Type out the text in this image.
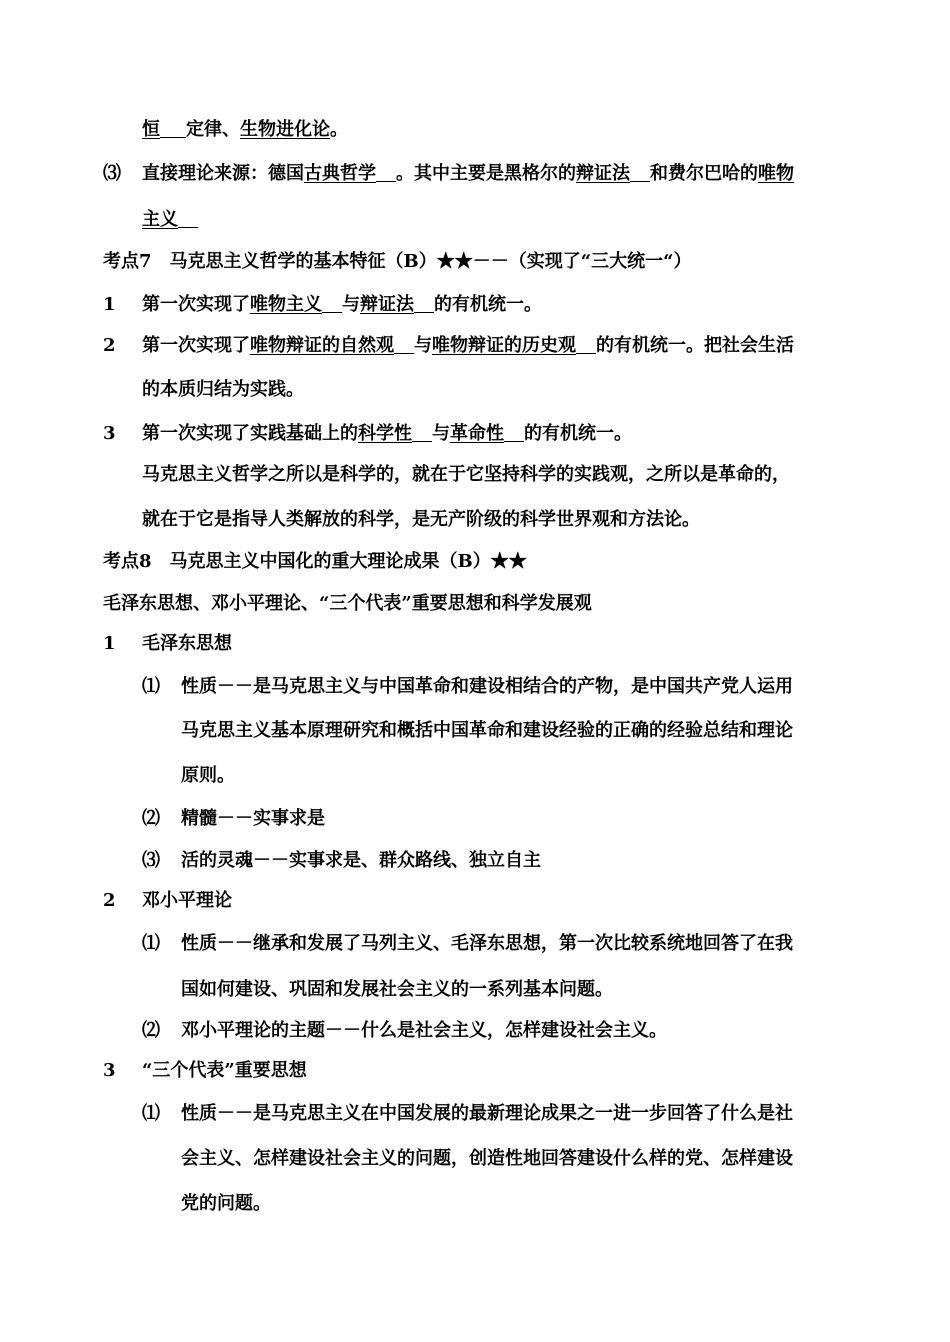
恒 定律、生物进化论。
⑶ 直接理论来源：德国古典哲学 。其中主要是黑格尔的辩证法 和费尔巴哈的唯物
主义
考点7　马克思主义哲学的基本特征（B）★★－－（实现了“三大统一“）
1 第一次实现了唯物主义 与辩证法 的有机统一。
2 第一次实现了唯物辩证的自然观 与唯物辩证的历史观 的有机统一。把社会生活
的本质归结为实践。
3 第一次实现了实践基础上的科学性 与革命性 的有机统一。
马克思主义哲学之所以是科学的，就在于它坚持科学的实践观，之所以是革命的，
就在于它是指导人类解放的科学，是无产阶级的科学世界观和方法论。
考点8　马克思主义中国化的重大理论成果（B）★★
毛泽东思想、邓小平理论、“三个代表”重要思想和科学发展观
1 毛泽东思想
⑴ 性质－－是马克思主义与中国革命和建设相结合的产物，是中国共产党人运用
马克思主义基本原理研究和概括中国革命和建设经验的正确的经验总结和理论
原则。
⑵ 精髓－－实事求是
⑶ 活的灵魂－－实事求是、群众路线、独立自主
2 邓小平理论
⑴ 性质－－继承和发展了马列主义、毛泽东思想，第一次比较系统地回答了在我
国如何建设、巩固和发展社会主义的一系列基本问题。
⑵ 邓小平理论的主题－－什么是社会主义，怎样建设社会主义。
3 “三个代表”重要思想
⑴ 性质－－是马克思主义在中国发展的最新理论成果之一进一步回答了什么是社
会主义、怎样建设社会主义的问题，创造性地回答建设什么样的党、怎样建设
党的问题。
